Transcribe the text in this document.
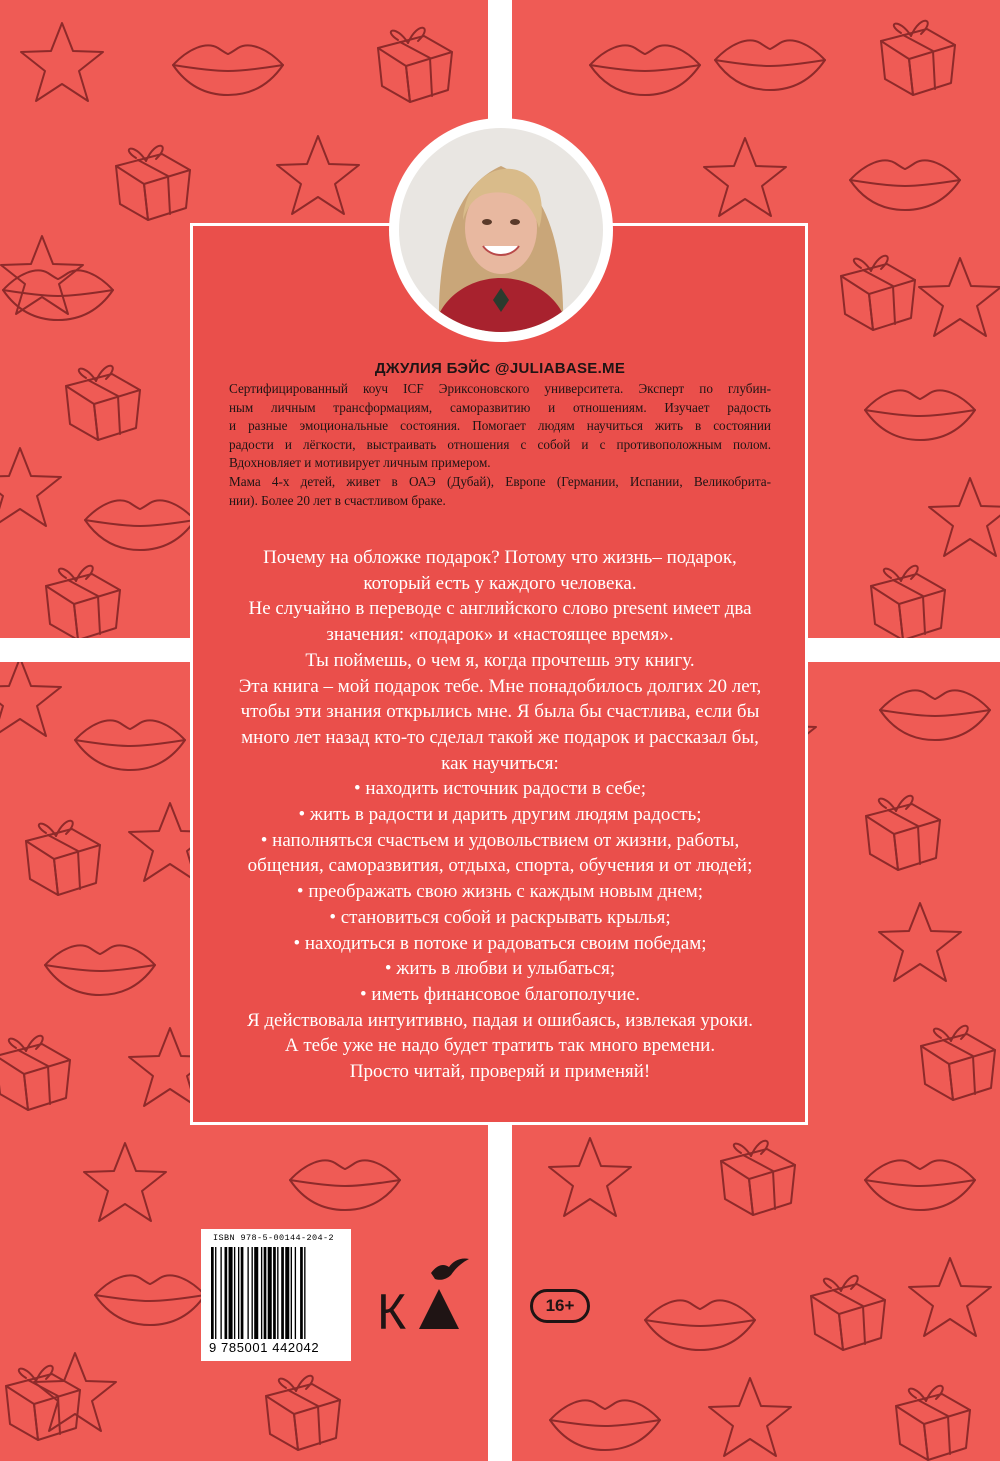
ДЖУЛИЯ БЭЙС @JULIABASE.ME
Сертифицированный коуч ICF Эриксоновского университета. Эксперт по глубин-
ным личным трансформациям, саморазвитию и отношениям. Изучает радость
и разные эмоциональные состояния. Помогает людям научиться жить в состоянии
радости и лёгкости, выстраивать отношения с собой и с противоположным полом.
Вдохновляет и мотивирует личным примером.
Мама 4-х детей, живет в ОАЭ (Дубай), Европе (Германии, Испании, Великобрита-
нии). Более 20 лет в счастливом браке.
Почему на обложке подарок? Потому что жизнь– подарок,
который есть у каждого человека.
Не случайно в переводе с английского слово present имеет два
значения: «подарок» и «настоящее время».
Ты поймешь, о чем я, когда прочтешь эту книгу.
Эта книга – мой подарок тебе. Мне понадобилось долгих 20 лет,
чтобы эти знания открылись мне. Я была бы счастлива, если бы
много лет назад кто-то сделал такой же подарок и рассказал бы,
как научиться:
• находить источник радости в себе;
• жить в радости и дарить другим людям радость;
• наполняться счастьем и удовольствием от жизни, работы,
общения, саморазвития, отдыха, спорта, обучения и от людей;
• преображать свою жизнь с каждым новым днем;
• становиться собой и раскрывать крылья;
• находиться в потоке и радоваться своим победам;
• жить в любви и улыбаться;
• иметь финансовое благополучие.
Я действовала интуитивно, падая и ошибаясь, извлекая уроки.
А тебе уже не надо будет тратить так много времени.
Просто читай, проверяй и применяй!
ISBN 978-5-00144-204-2
9 785001 442042
К	16+
